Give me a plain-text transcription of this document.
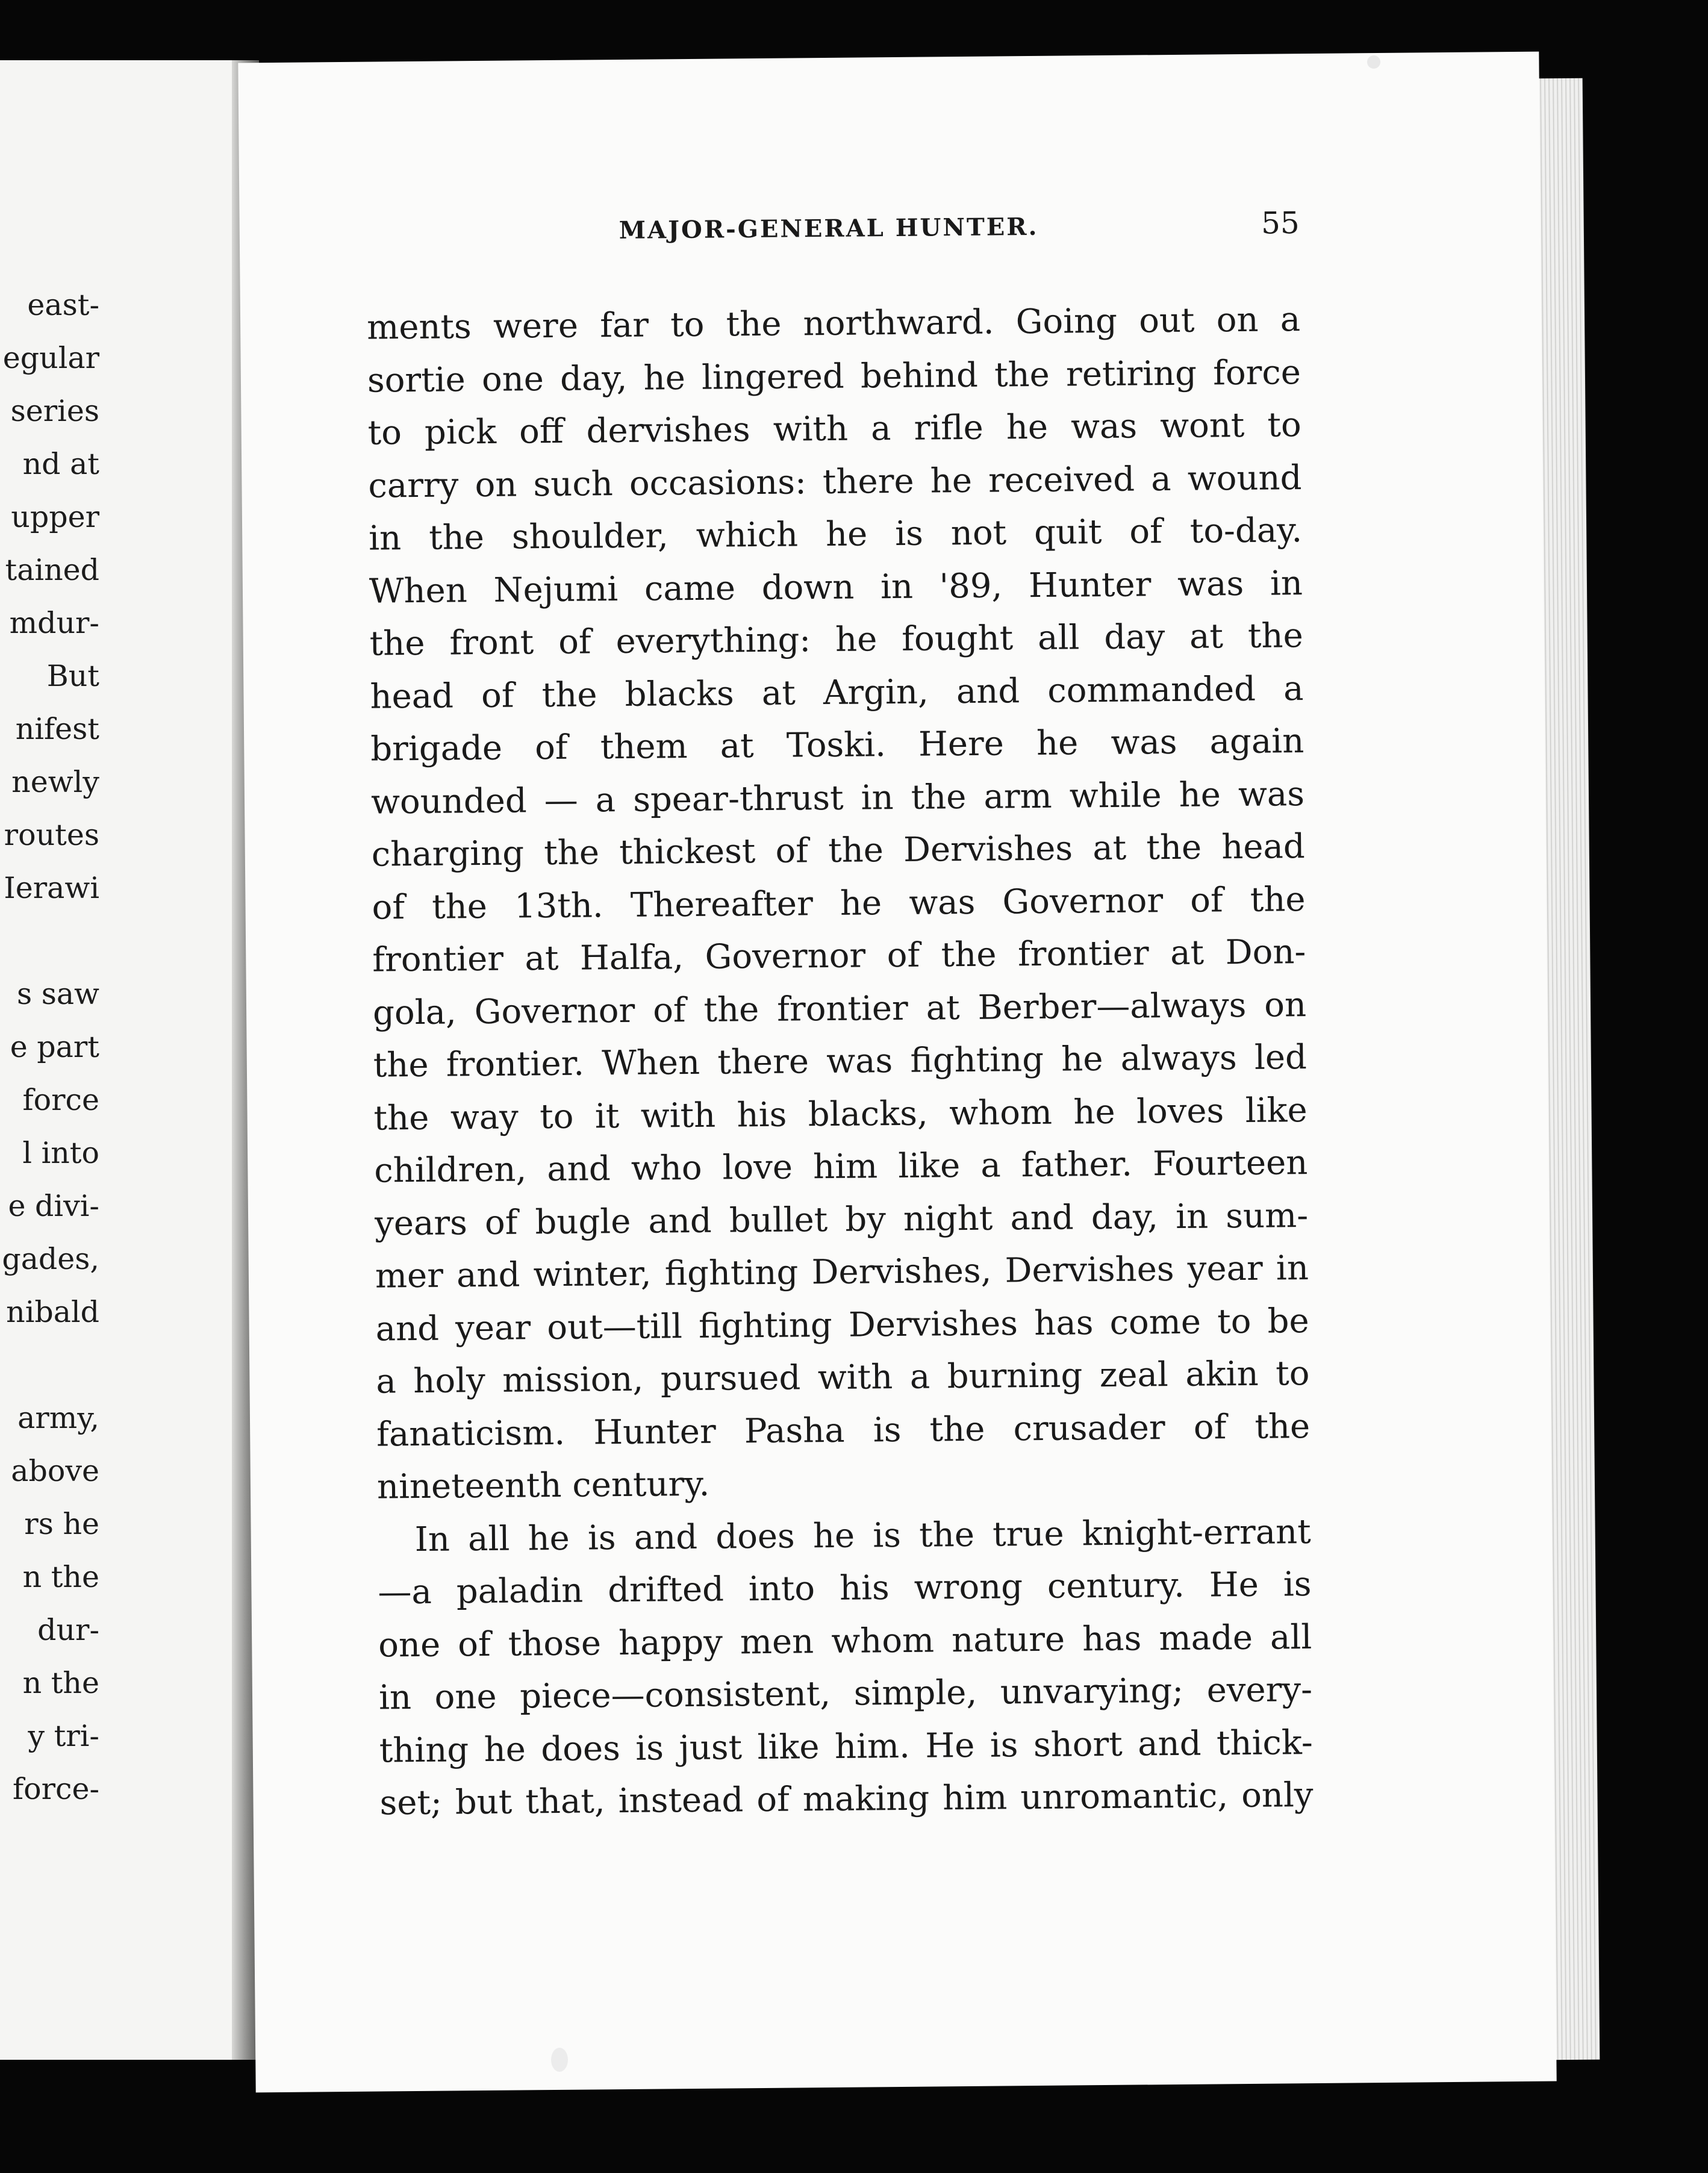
east-
egular
series
nd at
upper
tained
mdur-
But
nifest
newly
routes
Ierawi
s saw
e part
force
l into
e divi-
gades,
nibald
army,
above
rs he
n the
dur-
n the
y tri-
force-
MAJOR-GENERAL HUNTER.	55
ments were far to the northward. Going out on a
sortie one day, he lingered behind the retiring force
to pick off dervishes with a rifle he was wont to
carry on such occasions: there he received a wound
in the shoulder, which he is not quit of to-day.
When Nejumi came down in '89, Hunter was in
the front of everything: he fought all day at the
head of the blacks at Argin, and commanded a
brigade of them at Toski. Here he was again
wounded — a spear-thrust in the arm while he was
charging the thickest of the Dervishes at the head
of the 13th. Thereafter he was Governor of the
frontier at Halfa, Governor of the frontier at Don-
gola, Governor of the frontier at Berber—always on
the frontier. When there was fighting he always led
the way to it with his blacks, whom he loves like
children, and who love him like a father. Fourteen
years of bugle and bullet by night and day, in sum-
mer and winter, fighting Dervishes, Dervishes year in
and year out—till fighting Dervishes has come to be
a holy mission, pursued with a burning zeal akin to
fanaticism. Hunter Pasha is the crusader of the
nineteenth century.
In all he is and does he is the true knight-errant
—a paladin drifted into his wrong century. He is
one of those happy men whom nature has made all
in one piece—consistent, simple, unvarying; every-
thing he does is just like him. He is short and thick-
set; but that, instead of making him unromantic, only
